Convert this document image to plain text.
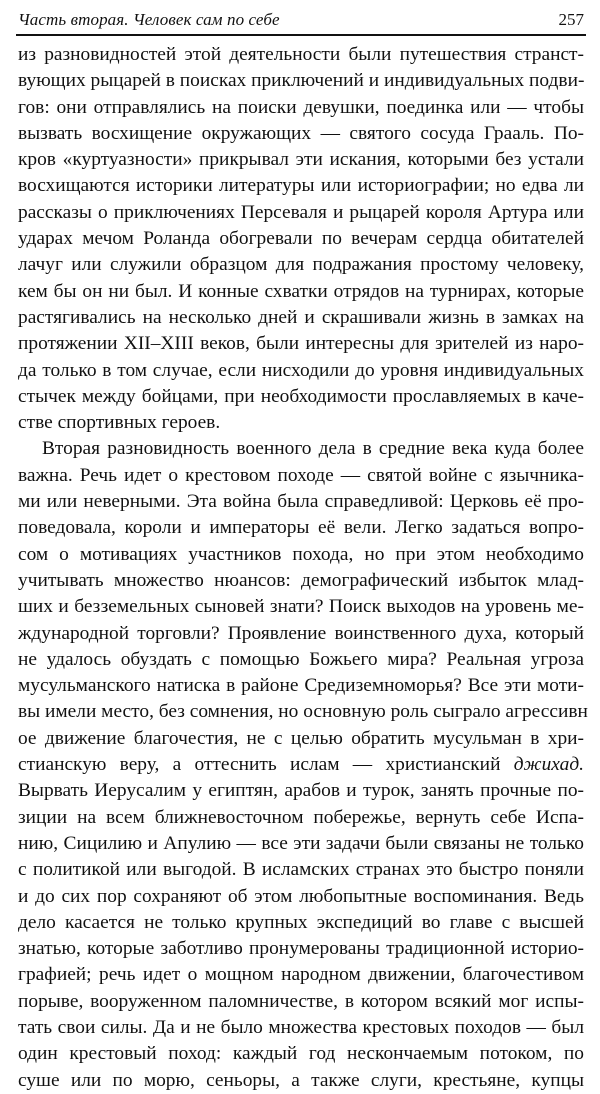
Часть вторая. Человек сам по себе	257
из разновидностей этой деятельности были путешествия странст-
вующих рыцарей в поисках приключений и индивидуальных подви-
гов: они отправлялись на поиски девушки, поединка или — чтобы
вызвать восхищение окружающих — святого сосуда Грааль. По-
кров «куртуазности» прикрывал эти искания, которыми без устали
восхищаются историки литературы или историографии; но едва ли
рассказы о приключениях Персеваля и рыцарей короля Артура или
ударах мечом Роланда обогревали по вечерам сердца обитателей
лачуг или служили образцом для подражания простому человеку,
кем бы он ни был. И конные схватки отрядов на турнирах, которые
растягивались на несколько дней и скрашивали жизнь в замках на
протяжении XII–XIII веков, были интересны для зрителей из наро-
да только в том случае, если нисходили до уровня индивидуальных
стычек между бойцами, при необходимости прославляемых в каче-
стве спортивных героев.
Вторая разновидность военного дела в средние века куда более
важна. Речь идет о крестовом походе — святой войне с язычника-
ми или неверными. Эта война была справедливой: Церковь её про-
поведовала, короли и императоры её вели. Легко задаться вопро-
сом о мотивациях участников похода, но при этом необходимо
учитывать множество нюансов: демографический избыток млад-
ших и безземельных сыновей знати? Поиск выходов на уровень ме-
ждународной торговли? Проявление воинственного духа, который
не удалось обуздать с помощью Божьего мира? Реальная угроза
мусульманского натиска в районе Средиземноморья? Все эти моти-
вы имели место, без сомнения, но основную роль сыграло агрессивн
ое движение благочестия, не с целью обратить мусульман в хри-
стианскую веру, а оттеснить ислам — христианский джихад.
Вырвать Иерусалим у египтян, арабов и турок, занять прочные по-
зиции на всем ближневосточном побережье, вернуть себе Испа-
нию, Сицилию и Апулию — все эти задачи были связаны не только
с политикой или выгодой. В исламских странах это быстро поняли
и до сих пор сохраняют об этом любопытные воспоминания. Ведь
дело касается не только крупных экспедиций во главе с высшей
знатью, которые заботливо пронумерованы традиционной историо-
графией; речь идет о мощном народном движении, благочестивом
порыве, вооруженном паломничестве, в котором всякий мог испы-
тать свои силы. Да и не было множества крестовых походов — был
один крестовый поход: каждый год нескончаемым потоком, по
суше или по морю, сеньоры, а также слуги, крестьяне, купцы
